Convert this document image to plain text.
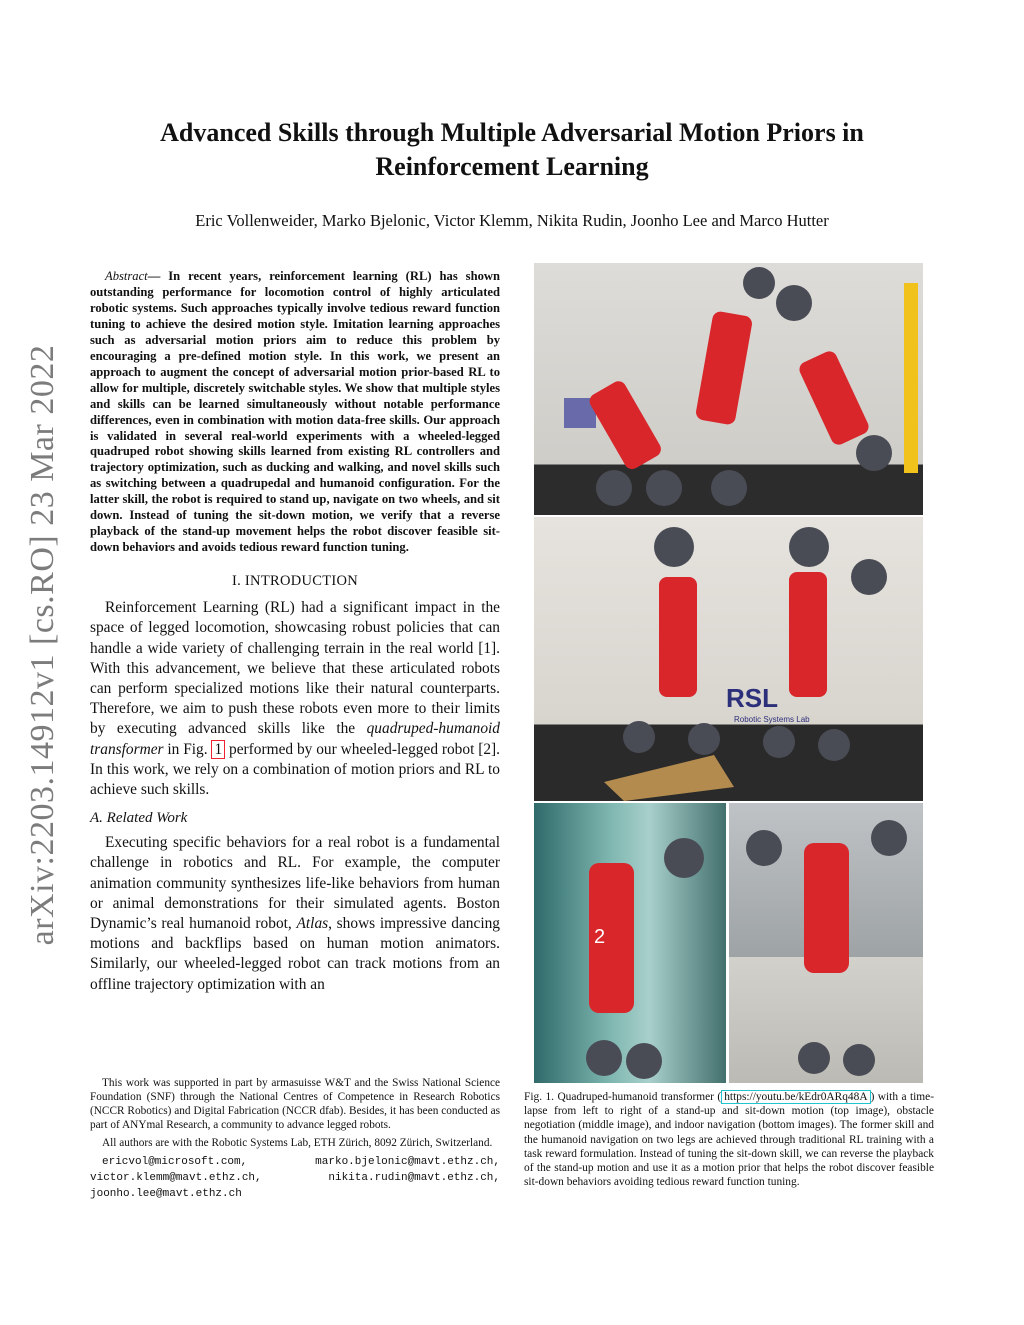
arXiv:2203.14912v1 [cs.RO] 23 Mar 2022
Advanced Skills through Multiple Adversarial Motion Priors in Reinforcement Learning
Eric Vollenweider, Marko Bjelonic, Victor Klemm, Nikita Rudin, Joonho Lee and Marco Hutter

Abstract— In recent years, reinforcement learning (RL) has shown outstanding performance for locomotion control of highly articulated robotic systems. Such approaches typically involve tedious reward function tuning to achieve the desired motion style. Imitation learning approaches such as adversarial motion priors aim to reduce this problem by encouraging a pre-defined motion style. In this work, we present an approach to augment the concept of adversarial motion prior-based RL to allow for multiple, discretely switchable styles. We show that multiple styles and skills can be learned simultaneously without notable performance differences, even in combination with motion data-free skills. Our approach is validated in several real-world experiments with a wheeled-legged quadruped robot showing skills learned from existing RL controllers and trajectory optimization, such as ducking and walking, and novel skills such as switching between a quadrupedal and humanoid configuration. For the latter skill, the robot is required to stand up, navigate on two wheels, and sit down. Instead of tuning the sit-down motion, we verify that a reverse playback of the stand-up movement helps the robot discover feasible sit-down behaviors and avoids tedious reward function tuning.

I. INTRODUCTION

Reinforcement Learning (RL) had a significant impact in the space of legged locomotion, showcasing robust policies that can handle a wide variety of challenging terrain in the real world [1]. With this advancement, we believe that these articulated robots can perform specialized motions like their natural counterparts. Therefore, we aim to push these robots even more to their limits by executing advanced skills like the quadruped-humanoid transformer in Fig. 1 performed by our wheeled-legged robot [2]. In this work, we rely on a combination of motion priors and RL to achieve such skills.

A. Related Work

Executing specific behaviors for a real robot is a fundamental challenge in robotics and RL. For example, the computer animation community synthesizes life-like behaviors from human or animal demonstrations for their simulated agents. Boston Dynamic’s real humanoid robot, Atlas, shows impressive dancing motions and backflips based on human motion animators. Similarly, our wheeled-legged robot can track motions from an offline trajectory optimization with an

This work was supported in part by armasuisse W&T and the Swiss National Science Foundation (SNF) through the National Centres of Competence in Research Robotics (NCCR Robotics) and Digital Fabrication (NCCR dfab). Besides, it has been conducted as part of ANYmal Research, a community to advance legged robots.

All authors are with the Robotic Systems Lab, ETH Zürich, 8092 Zürich, Switzerland.

ericvol@microsoft.com, marko.bjelonic@mavt.ethz.ch, victor.klemm@mavt.ethz.ch, nikita.rudin@mavt.ethz.ch, joonho.lee@mavt.ethz.ch

RSL
Robotic Systems Lab
2
Fig. 1. Quadruped-humanoid transformer ( https://youtu.be/kEdr0ARq48A ) with a time-lapse from left to right of a stand-up and sit-down motion (top image), obstacle negotiation (middle image), and indoor navigation (bottom images). The former skill and the humanoid navigation on two legs are achieved through traditional RL training with a task reward formulation. Instead of tuning the sit-down skill, we can reverse the playback of the stand-up motion and use it as a motion prior that helps the robot discover feasible sit-down behaviors avoiding tedious reward function tuning.
